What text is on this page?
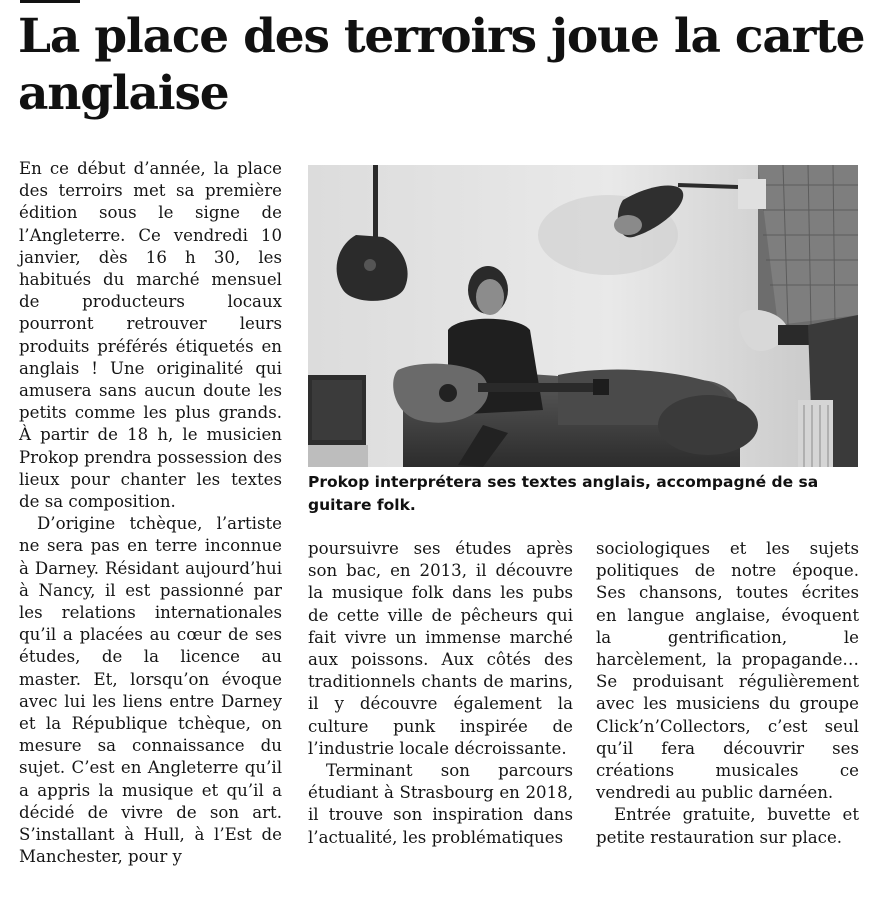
La place des terroirs joue la carte anglaise

En ce début d’année, la place des terroirs met sa première édition sous le signe de l’Angleterre. Ce vendredi 10 janvier, dès 16 h 30, les habitués du marché mensuel de producteurs locaux pourront retrouver leurs produits préférés étiquetés en anglais ! Une originalité qui amusera sans aucun doute les petits comme les plus grands. À partir de 18 h, le musicien Prokop prendra possession des lieux pour chanter les textes de sa composition.

D’origine tchèque, l’artiste ne sera pas en terre inconnue à Darney. Résidant aujourd’hui à Nancy, il est passionné par les relations internationales qu’il a placées au cœur de ses études, de la licence au master. Et, lorsqu’on évoque avec lui les liens entre Darney et la République tchèque, on mesure sa connaissance du sujet. C’est en Angleterre qu’il a appris la musique et qu’il a décidé de vivre de son art. S’installant à Hull, à l’Est de Manchester, pour y

Prokop interprétera ses textes anglais, accompagné de sa guitare folk.

poursuivre ses études après son bac, en 2013, il découvre la musique folk dans les pubs de cette ville de pêcheurs qui fait vivre un immense marché aux poissons. Aux côtés des traditionnels chants de marins, il y découvre également la culture punk inspirée de l’industrie locale décroissante.

Terminant son parcours étudiant à Strasbourg en 2018, il trouve son inspiration dans l’actualité, les problématiques

sociologiques et les sujets politiques de notre époque. Ses chansons, toutes écrites en langue anglaise, évoquent la gentrification, le harcèlement, la propagande… Se produisant régulièrement avec les musiciens du groupe Click’n’Collectors, c’est seul qu’il fera découvrir ses créations musicales ce vendredi au public darnéen.

Entrée gratuite, buvette et petite restauration sur place.
